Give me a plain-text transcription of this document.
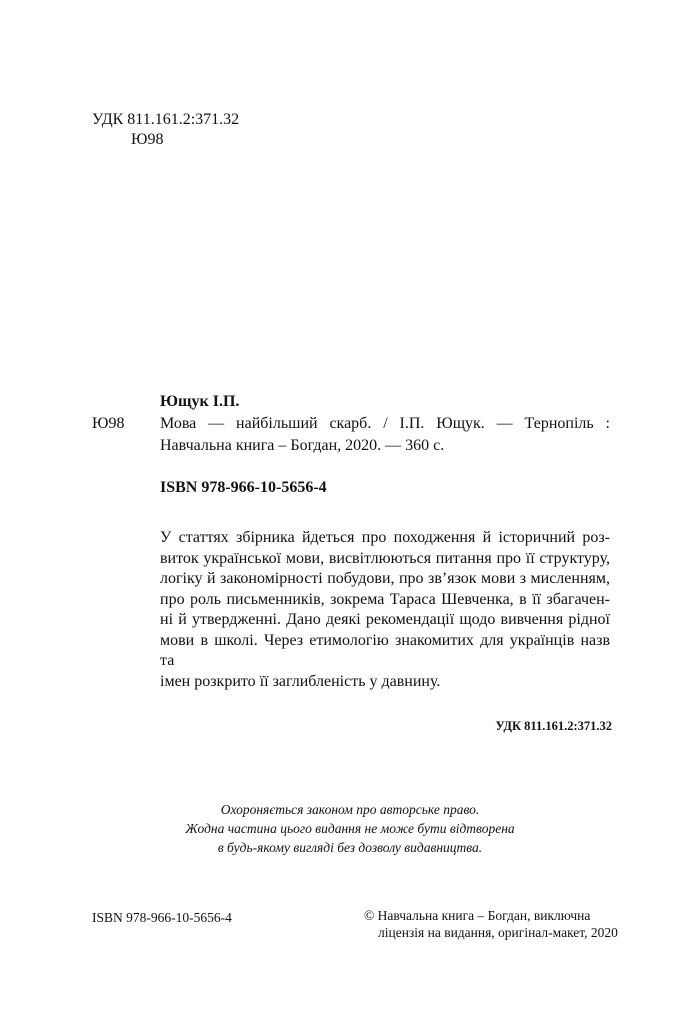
УДК 811.161.2:371.32
Ю98
Ющук І.П.
Ю98 Мова — найбільший скарб. / І.П. Ющук. — Тернопіль :
Навчальна книга – Богдан, 2020. — 360 с.
ISBN 978-966-10-5656-4
У статтях збірника йдеться про походження й історичний роз-
виток української мови, висвітлюються питання про її структуру,
логіку й закономірності побудови, про зв’язок мови з мисленням,
про роль письменників, зокрема Тараса Шевченка, в її збагачен-
ні й утвердженні. Дано деякі рекомендації щодо вивчення рідної
мови в школі. Через етимологію знакомитих для українців назв та
імен розкрито її заглибленість у давнину.
УДК 811.161.2:371.32
Охороняється законом про авторське право.
Жодна частина цього видання не може бути відтворена
в будь-якому вигляді без дозволу видавництва.
ISBN 978-966-10-5656-4	© Навчальна книга – Богдан, виключна
ліцензія на видання, оригінал-макет, 2020
